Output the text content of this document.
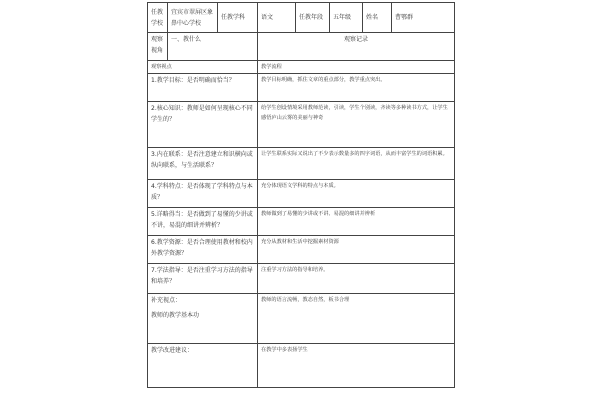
任教学校	宜宾市翠屏区象鼻中心学校	任教学科	语文	任教年段	五年级	姓名	曹鄂群
观察视角	一、教什么		观察记录				
观察视点			教学流程				
1.教学目标：是否明确而恰当？			教学目标明确，抓住文章的重点部分，教学重点突出。				
2.核心知识：教师是如何呈现核心不同学生的？			给学生创设情境采用教师范读，引读，学生个别读，齐读等多种读书方式，让学生感悟庐山云雾的美丽与神奇				
3.内在联系：是否注意建立和识横向或纵向联系，与生活联系？			让学生联系实际又说出了不少表示数量多的四字词语，从而丰富学生的词语积累。				
4.学科特点：是否体现了学科特点与本质？			充分体现语文学科的特点与本质。				
5.详略得当：是否做到了易懂的少讲或不讲，易混的细讲并辨析？			教师做到了易懂的少讲或不讲、易混的细讲并辨析				
6.教学资源：是否合理使用教材和校内外教学资源？			充分从教材和生活中挖掘素材资源				
7.学法指导：是否注重学习方法的指导和培养？			注重学习方法的指导和培养。				

补充视点：
教师的教学基本功			教师的语言流畅，教态自然，板书合理				
教学改进建议：			在教学中多表扬学生				
